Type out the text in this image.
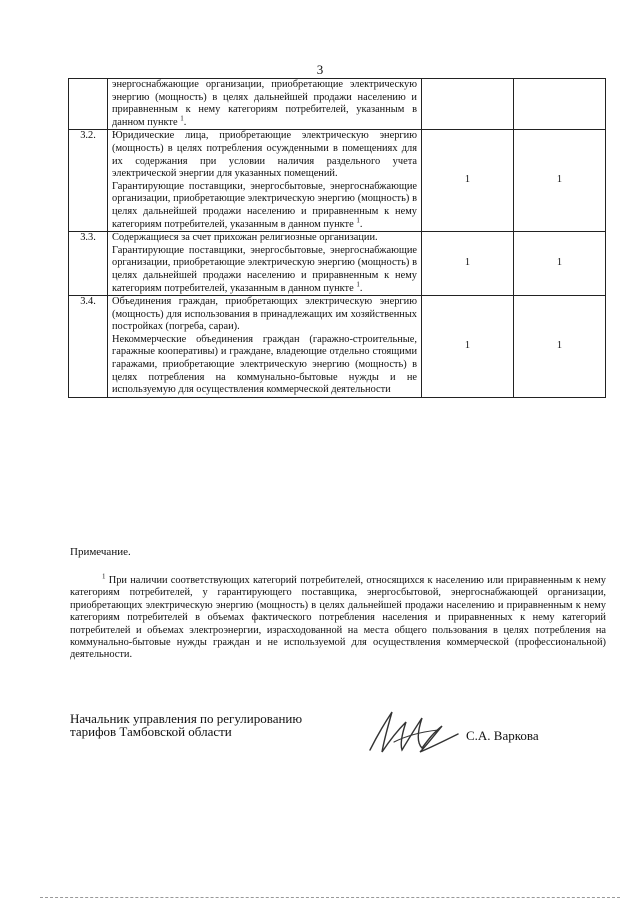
3

	энергоснабжающие организации, приобретающие электрическую энергию (мощность) в целях дальнейшей продажи населению и приравненным к нему категориям потребителей, указанным в данном пункте $^1$.		

3.2.	Юридические лица, приобретающие электрическую энергию (мощность) в целях потребления осужденными в помещениях для их содержания при условии наличия раздельного учета электрической энергии для указанных помещений.
Гарантирующие поставщики, энергосбытовые, энергоснабжающие организации, приобретающие электрическую энергию (мощность) в целях дальнейшей продажи населению и приравненным к нему категориям потребителей, указанным в данном пункте $^1$.	1	1
3.3.	Содержащиеся за счет прихожан религиозные организации.
Гарантирующие поставщики, энергосбытовые, энергоснабжающие организации, приобретающие электрическую энергию (мощность) в целях дальнейшей продажи населению и приравненным к нему категориям потребителей, указанным в данном пункте $^1$.	1	1
3.4.	Объединения граждан, приобретающих электрическую энергию (мощность) для использования в принадлежащих им хозяйственных постройках (погреба, сараи).
Некоммерческие объединения граждан (гаражно-строительные, гаражные кооперативы) и граждане, владеющие отдельно стоящими гаражами, приобретающие электрическую энергию (мощность) в целях потребления на коммунально-бытовые нужды и не используемую для осуществления коммерческой деятельности	1	1
Примечание.
$^1$ При наличии соответствующих категорий потребителей, относящихся к населению или приравненным к нему категориям потребителей, у гарантирующего поставщика, энергосбытовой, энергоснабжающей организации, приобретающих электрическую энергию (мощность) в целях дальнейшей продажи населению и приравненным к нему категориям потребителей в объемах фактического потребления населения и приравненных к нему категорий потребителей и объемах электроэнергии, израсходованной на места общего пользования в целях потребления на коммунально-бытовые нужды граждан и не используемой для осуществления коммерческой (профессиональной) деятельности.
Начальник управления по регулированию
тарифов Тамбовской области	С.А. Варкова
